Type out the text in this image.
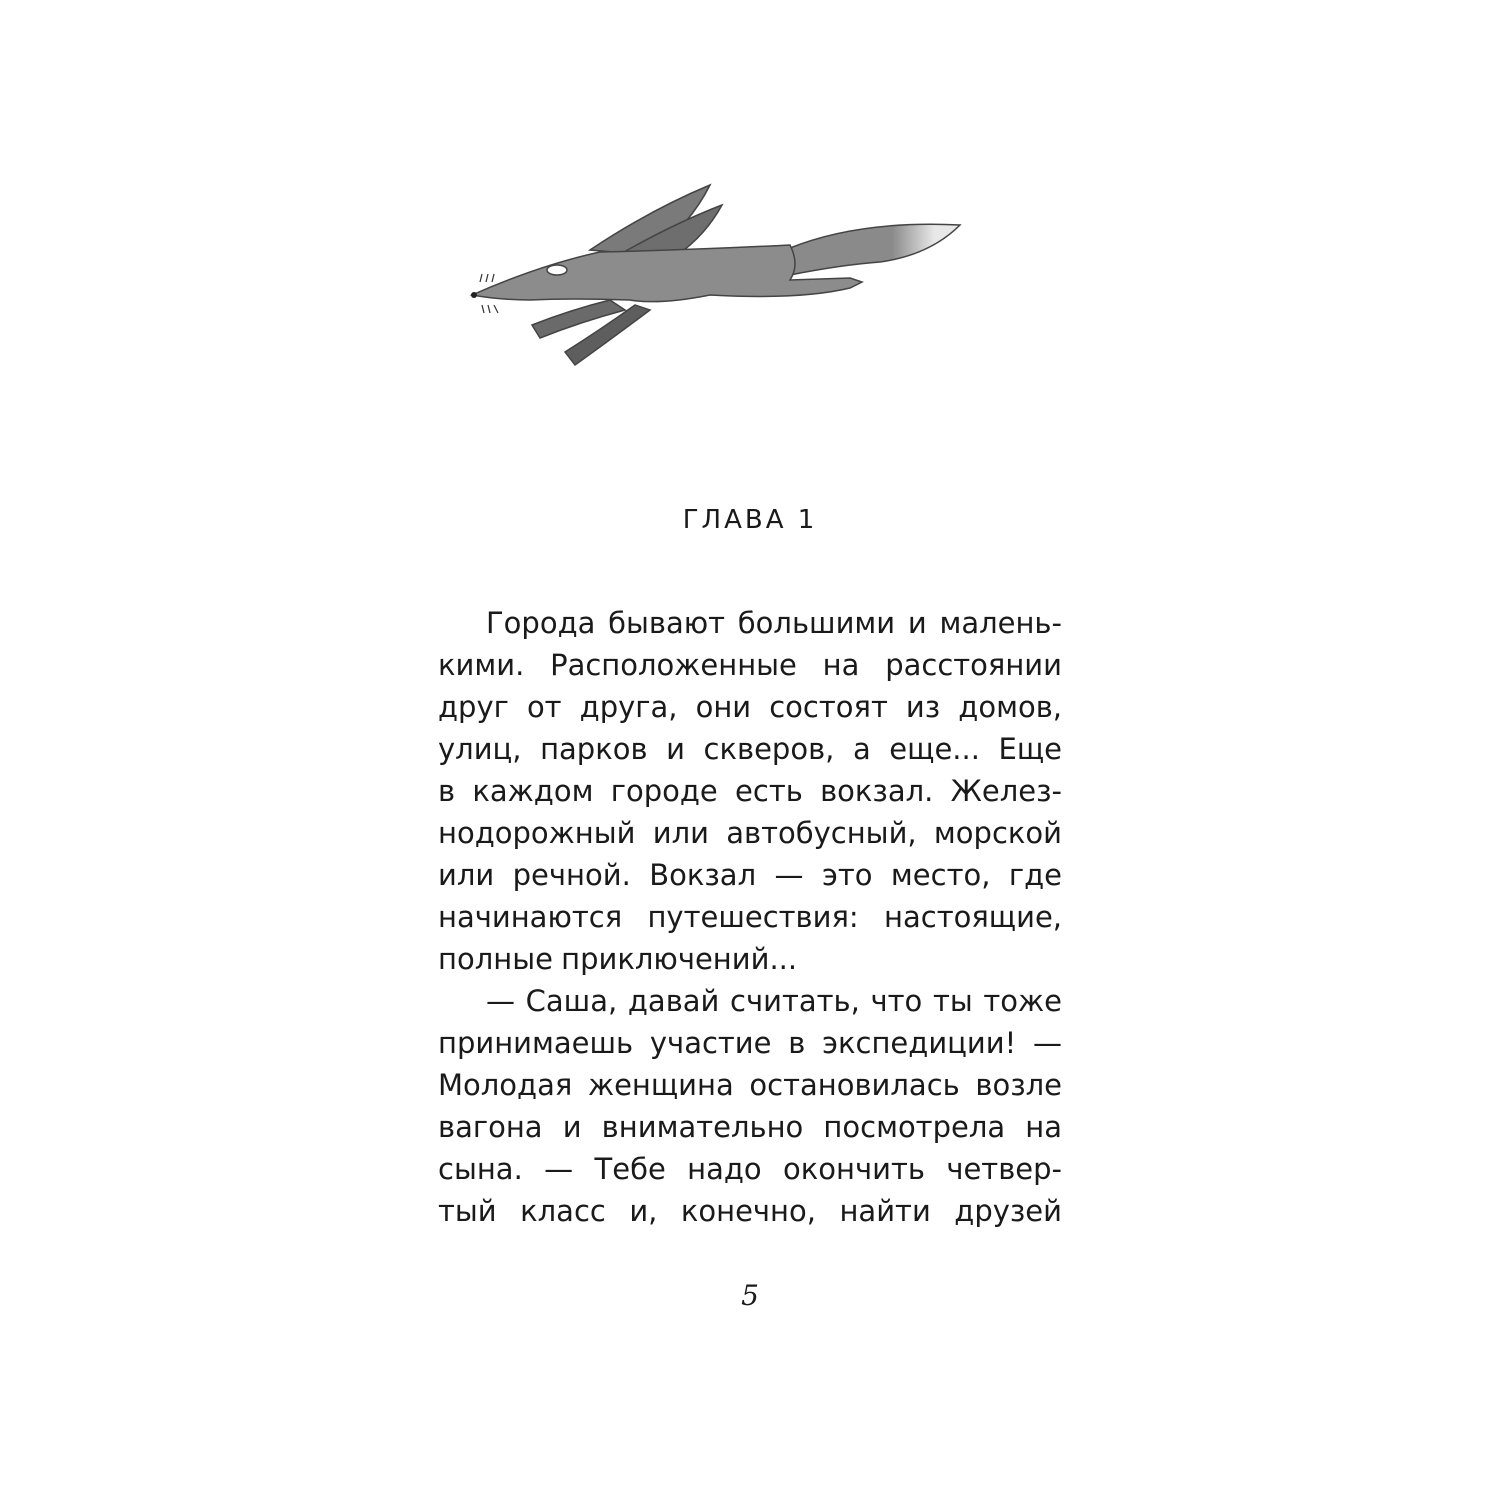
ГЛАВА 1
Города бывают большими и малень-
кими. Расположенные на расстоянии
друг от друга, они состоят из домов,
улиц, парков и скверов, а еще... Еще
в каждом городе есть вокзал. Желез-
нодорожный или автобусный, морской
или речной. Вокзал — это место, где
начинаются путешествия: настоящие,
полные приключений...
— Саша, давай считать, что ты тоже
принимаешь участие в экспедиции! —
Молодая женщина остановилась возле
вагона и внимательно посмотрела на
сына. — Тебе надо окончить четвер-
тый класс и, конечно, найти друзей
5
